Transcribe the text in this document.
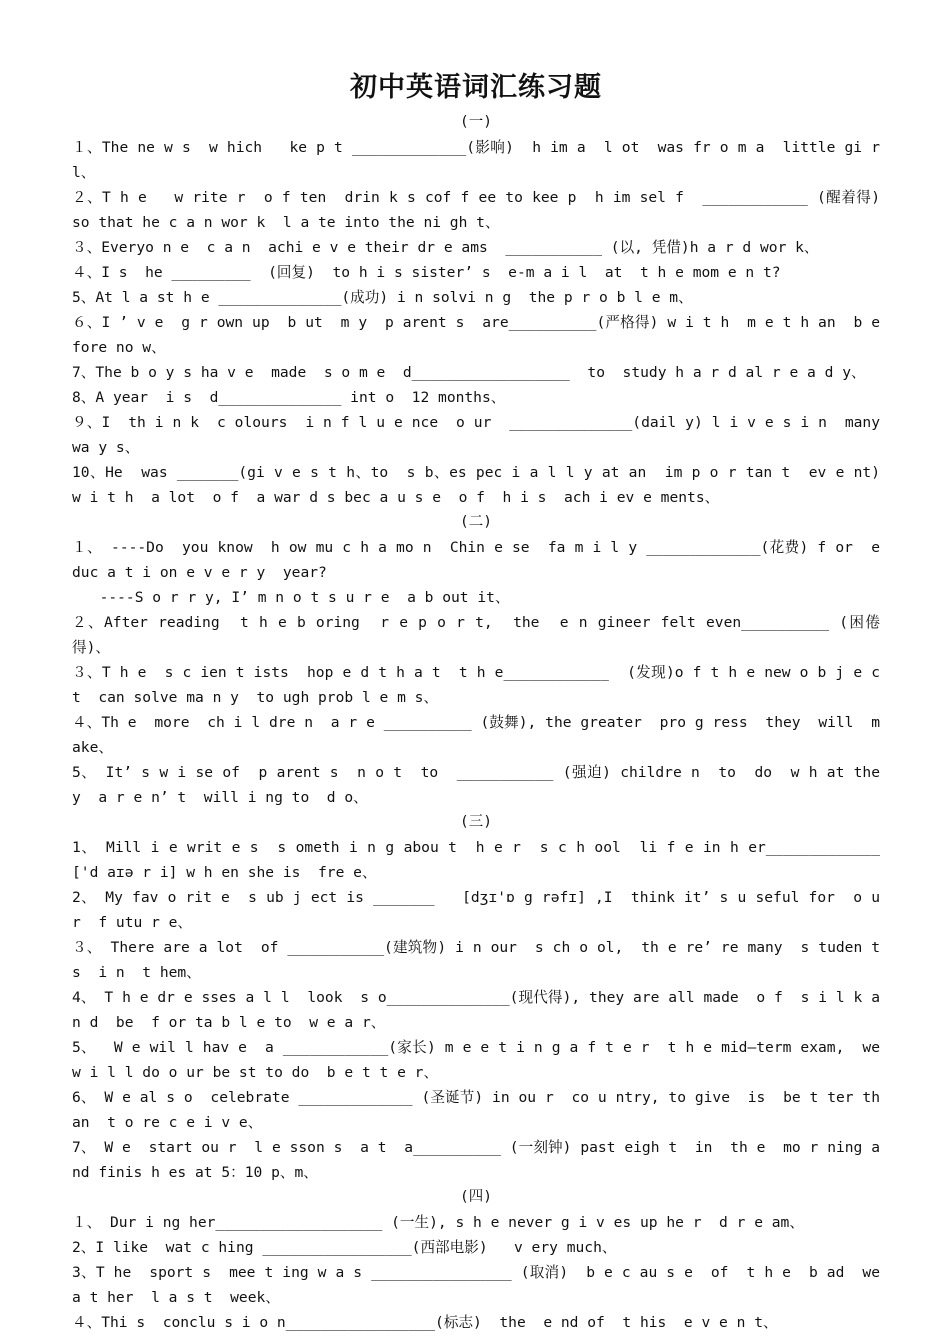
初中英语词汇练习题
(一)
１、The ne w s  w hich   ke p t _____________(影响)  h im a  l ot  was fr o m a  little gi r l、
２、T h e   w rite r  o f ten  drin k s cof f ee to kee p  h im sel f  ____________ (醒着得)  so that he c a n wor k  l a te into the ni gh t、
３、Everyo n e  c a n  achi e v e their dr e ams  ___________ (以, 凭借)h a r d wor k、
４、I s  he _________  (回复)  to h i s sister’ s  e-m a i l  at  t h e mom e n t?
5、At l a st h e ______________(成功) i n solvi n g  the p r o b l e m、
６、I ’ v e  g r own up  b ut  m y  p arent s  are__________(严格得) w i t h  m e t h an  b efore no w、
7、The b o y s ha v e  made  s o m e  d__________________  to  study h a r d al r e a d y、
8、A year  i s  d______________ int o  12 months、
９、I  th i n k  c olours  i n f l u e nce  o ur  ______________(dail y) l i v e s i n  many  wa y s、
10、He  was _______(gi v e s t h、to  s b、es pec i a l l y at an  im p o r tan t  ev e nt)  w i t h  a lot  o f  a war d s bec a u s e  o f  h i s  ach i ev e ments、
(二)
１、 ----Do  you know  h ow mu c h a mo n  Chin e se  fa m i l y _____________(花费) f or  e duc a t i on e v e r y  year?
----S o r r y, I’ m n o t s u r e  a b out it、
２、After reading  t h e b oring  r e p o r t,  the  e n gineer felt even__________ (困倦得)、
３、T h e  s c ien t ists  hop e d t h a t  t h e____________  (发现)o f t h e new o b j e c t  can solve ma n y  to ugh prob l e m s、
４、Th e  more  ch i l dre n  a r e __________ (鼓舞), the greater  pro g ress  they  will  m ake、
5、 It’ s w i se of  p arent s  n o t  to  ___________ (强迫) childre n  to  do  w h at the y  a r e n’ t  will i ng to  d o、
(三)
1、 Mill i e writ e s  s ometh i n g abou t  h e r  s c h ool  li f e in h er_____________['d aɪə r i] w h en she is  fre e、
2、 My fav o rit e  s ub j ect is _______   [dʒɪ'ɒ g rəfɪ] ,I  think it’ s u seful for  o u r  f utu r e、
３、 There are a lot  of ___________(建筑物) i n our  s ch o ol,  th e re’ re many  s tuden t s  i n  t hem、
4、 T h e dr e sses a l l  look  s o______________(现代得), they are all made  o f  s i l k an d  be  f or ta b l e to  w e a r、
5、  W e wil l hav e  a ____________(家长) m e e t i n g a f t e r  t h e mid—term exam,  we w i l l do o ur be st to do  b e t t e r、
6、 W e al s o  celebrate _____________ (圣诞节) in ou r  co u ntry, to give  is  be t ter than  t o re c e i v e、
7、 W e  start ou r  l e sson s  a t  a__________ (一刻钟) past eigh t  in  th e  mo r ning and finis h es at 5：10 p、m、
(四)
１、 Dur i ng her___________________ (一生), s h e never g i v es up he r  d r e am、
2、I like  wat c hing _________________(西部电影)   v ery much、
3、T he  sport s  mee t ing w a s ________________ (取消)  b e c au s e  of  t h e  b ad  wea t her  l a s t  week、
４、Thi s  conclu s i o n_________________(标志)  the  e nd of  t his  e v e n t、
